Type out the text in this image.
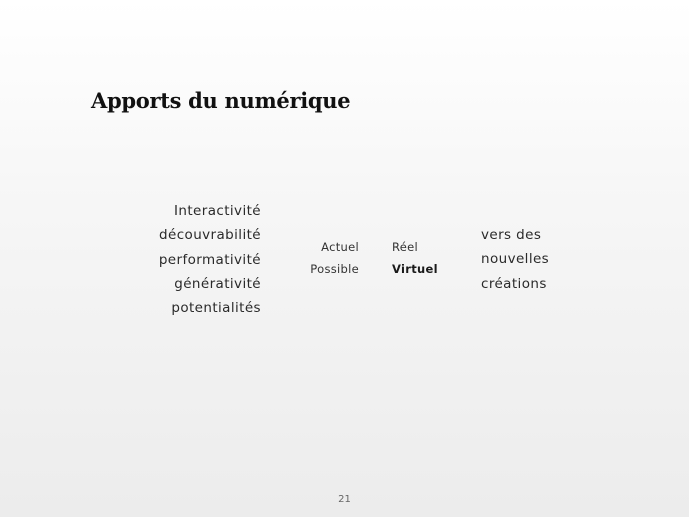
Apports du numérique
Interactivité
découvrabilité
performativité
générativité
potentialités
Actuel
Possible
Réel
Virtuel
vers des
nouvelles
créations
21
